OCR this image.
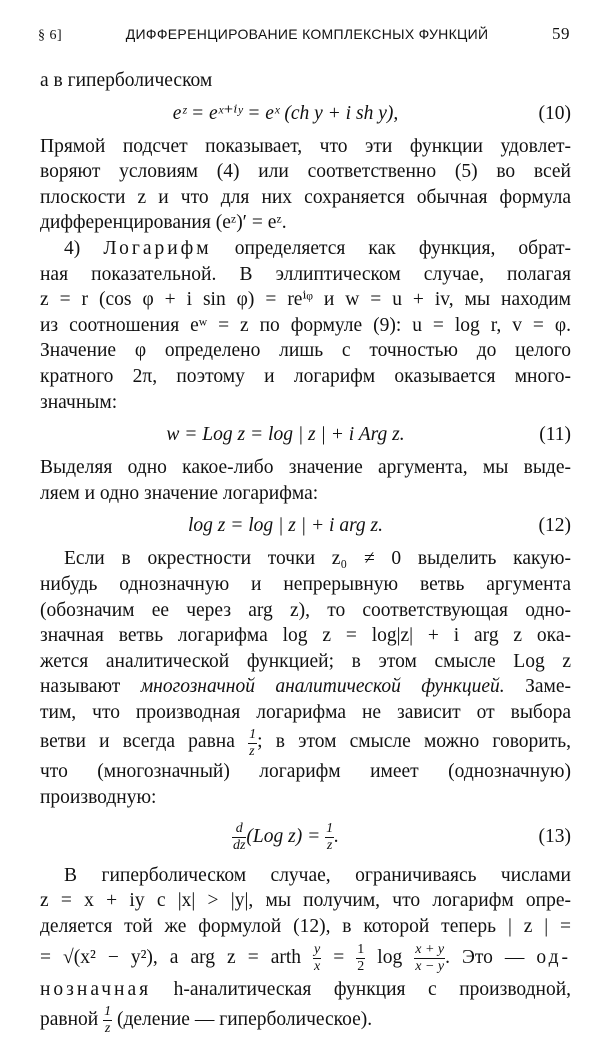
§ 6]	ДИФФЕРЕНЦИРОВАНИЕ КОМПЛЕКСНЫХ ФУНКЦИЙ	59
а в гиперболическом
eᶻ = eˣ⁺ⁱʸ = eˣ (ch y + i sh y),	(10)
Прямой подсчет показывает, что эти функции удовлет-
воряют условиям (4) или соответственно (5) во всей
плоскости z и что для них сохраняется обычная формула
дифференцирования (eᶻ)′ = eᶻ.
4) Логарифм определяется как функция, обрат-
ная показательной. В эллиптическом случае, полагая
z = r (cos φ + i sin φ) = reⁱᵠ и w = u + iv, мы находим
из соотношения eʷ = z по формуле (9): u = log r, v = φ.
Значение φ определено лишь с точностью до целого
кратного 2π, поэтому и логарифм оказывается много-
значным:
w = Log z = log | z | + i Arg z.	(11)
Выделяя одно какое-либо значение аргумента, мы выде-
ляем и одно значение логарифма:
log z = log | z | + i arg z.	(12)
Если в окрестности точки z₀ ≠ 0 выделить какую-
нибудь однозначную и непрерывную ветвь аргумента
(обозначим ее через arg z), то соответствующая одно-
значная ветвь логарифма log z = log|z| + i arg z ока-
жется аналитической функцией; в этом смысле Log z
называют многозначной аналитической функцией. Заме-
тим, что производная логарифма не зависит от выбора
ветви и всегда равна $\frac{1}{z}$ ; в этом смысле можно говорить,
что (многозначный) логарифм имеет (однозначную)
производную:
$\frac{d}{dz} (Log$ $z) = \frac{1}{z}$ .	(13)
В гиперболическом случае, ограничиваясь числами
z = x + iy с |x| > |y|, мы получим, что логарифм опре-
деляется той же формулой (12), в которой теперь | z | =
= √(x² − y²), а arg z = arth $\frac{y}{x} = \frac{1}{2}$ $\log \frac{x + y}{x - y}$ . Это — од-
нозначная h-аналитическая функция с производной,
равной $\frac{1}{z}$ (деление — гиперболическое).
